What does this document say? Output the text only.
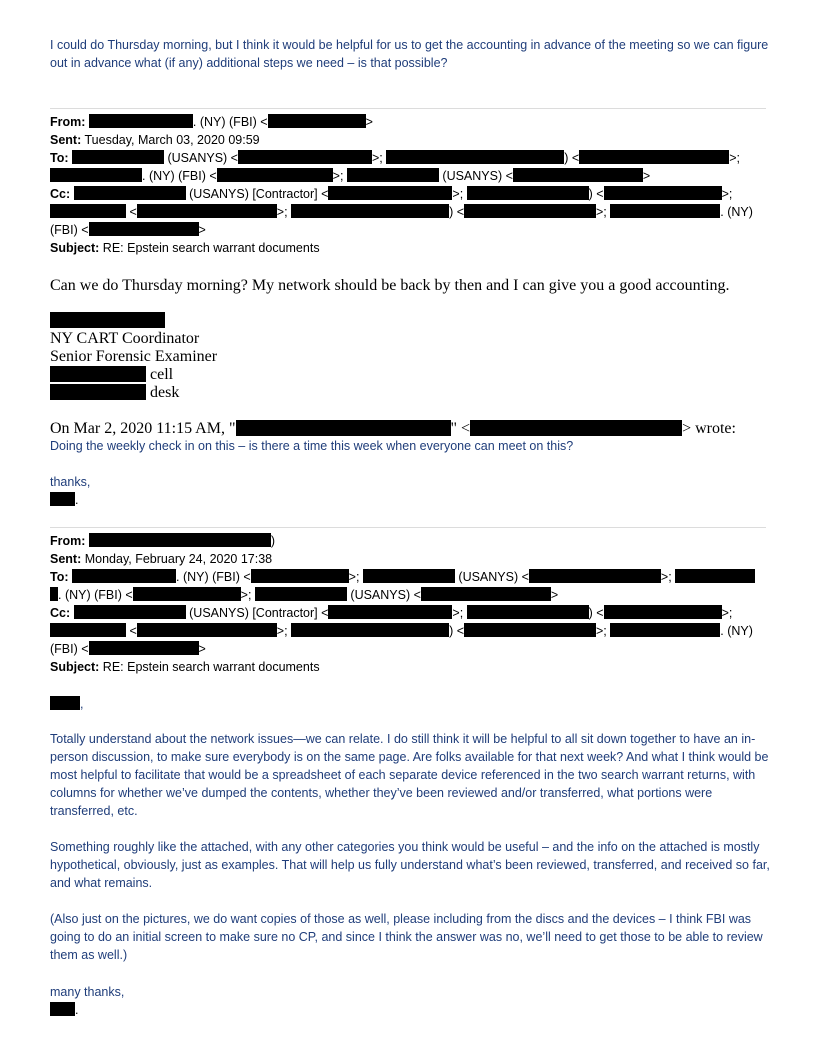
I could do Thursday morning, but I think it would be helpful for us to get the accounting in advance of the meeting so we can figure out in advance what (if any) additional steps we need – is that possible?
From:	. (NY) (FBI) <	>
Sent: Tuesday, March 03, 2020 09:59
To:	(USANYS) <	>;	) <	>;
. (NY) (FBI) <	>;	(USANYS) <	>
Cc:	(USANYS) [Contractor] <	>;	) <	>;
<	>;	) <	>;	. (NY)
(FBI) <	>
Subject: RE: Epstein search warrant documents
Can we do Thursday morning? My network should be back by then and I can give you a good accounting.
NY CART Coordinator
Senior Forensic Examiner
cell
desk
On Mar 2, 2020 11:15 AM, "	" <	> wrote:
Doing the weekly check in on this – is there a time this week when everyone can meet on this?
thanks,
.
From:	)
Sent: Monday, February 24, 2020 17:38
To:	. (NY) (FBI) <	>;	(USANYS) <	>;
. (NY) (FBI) <	>;	(USANYS) <	>
Cc:	(USANYS) [Contractor] <	>;	) <	>;
<	>;	) <	>;	. (NY)
(FBI) <	>
Subject: RE: Epstein search warrant documents
,
Totally understand about the network issues—we can relate. I do still think it will be helpful to all sit down together to have an in-person discussion, to make sure everybody is on the same page. Are folks available for that next week? And what I think would be most helpful to facilitate that would be a spreadsheet of each separate device referenced in the two search warrant returns, with columns for whether we’ve dumped the contents, whether they’ve been reviewed and/or transferred, what portions were transferred, etc.
Something roughly like the attached, with any other categories you think would be useful – and the info on the attached is mostly hypothetical, obviously, just as examples. That will help us fully understand what’s been reviewed, transferred, and received so far, and what remains.
(Also just on the pictures, we do want copies of those as well, please including from the discs and the devices – I think FBI was going to do an initial screen to make sure no CP, and since I think the answer was no, we’ll need to get those to be able to review them as well.)
many thanks,
.
